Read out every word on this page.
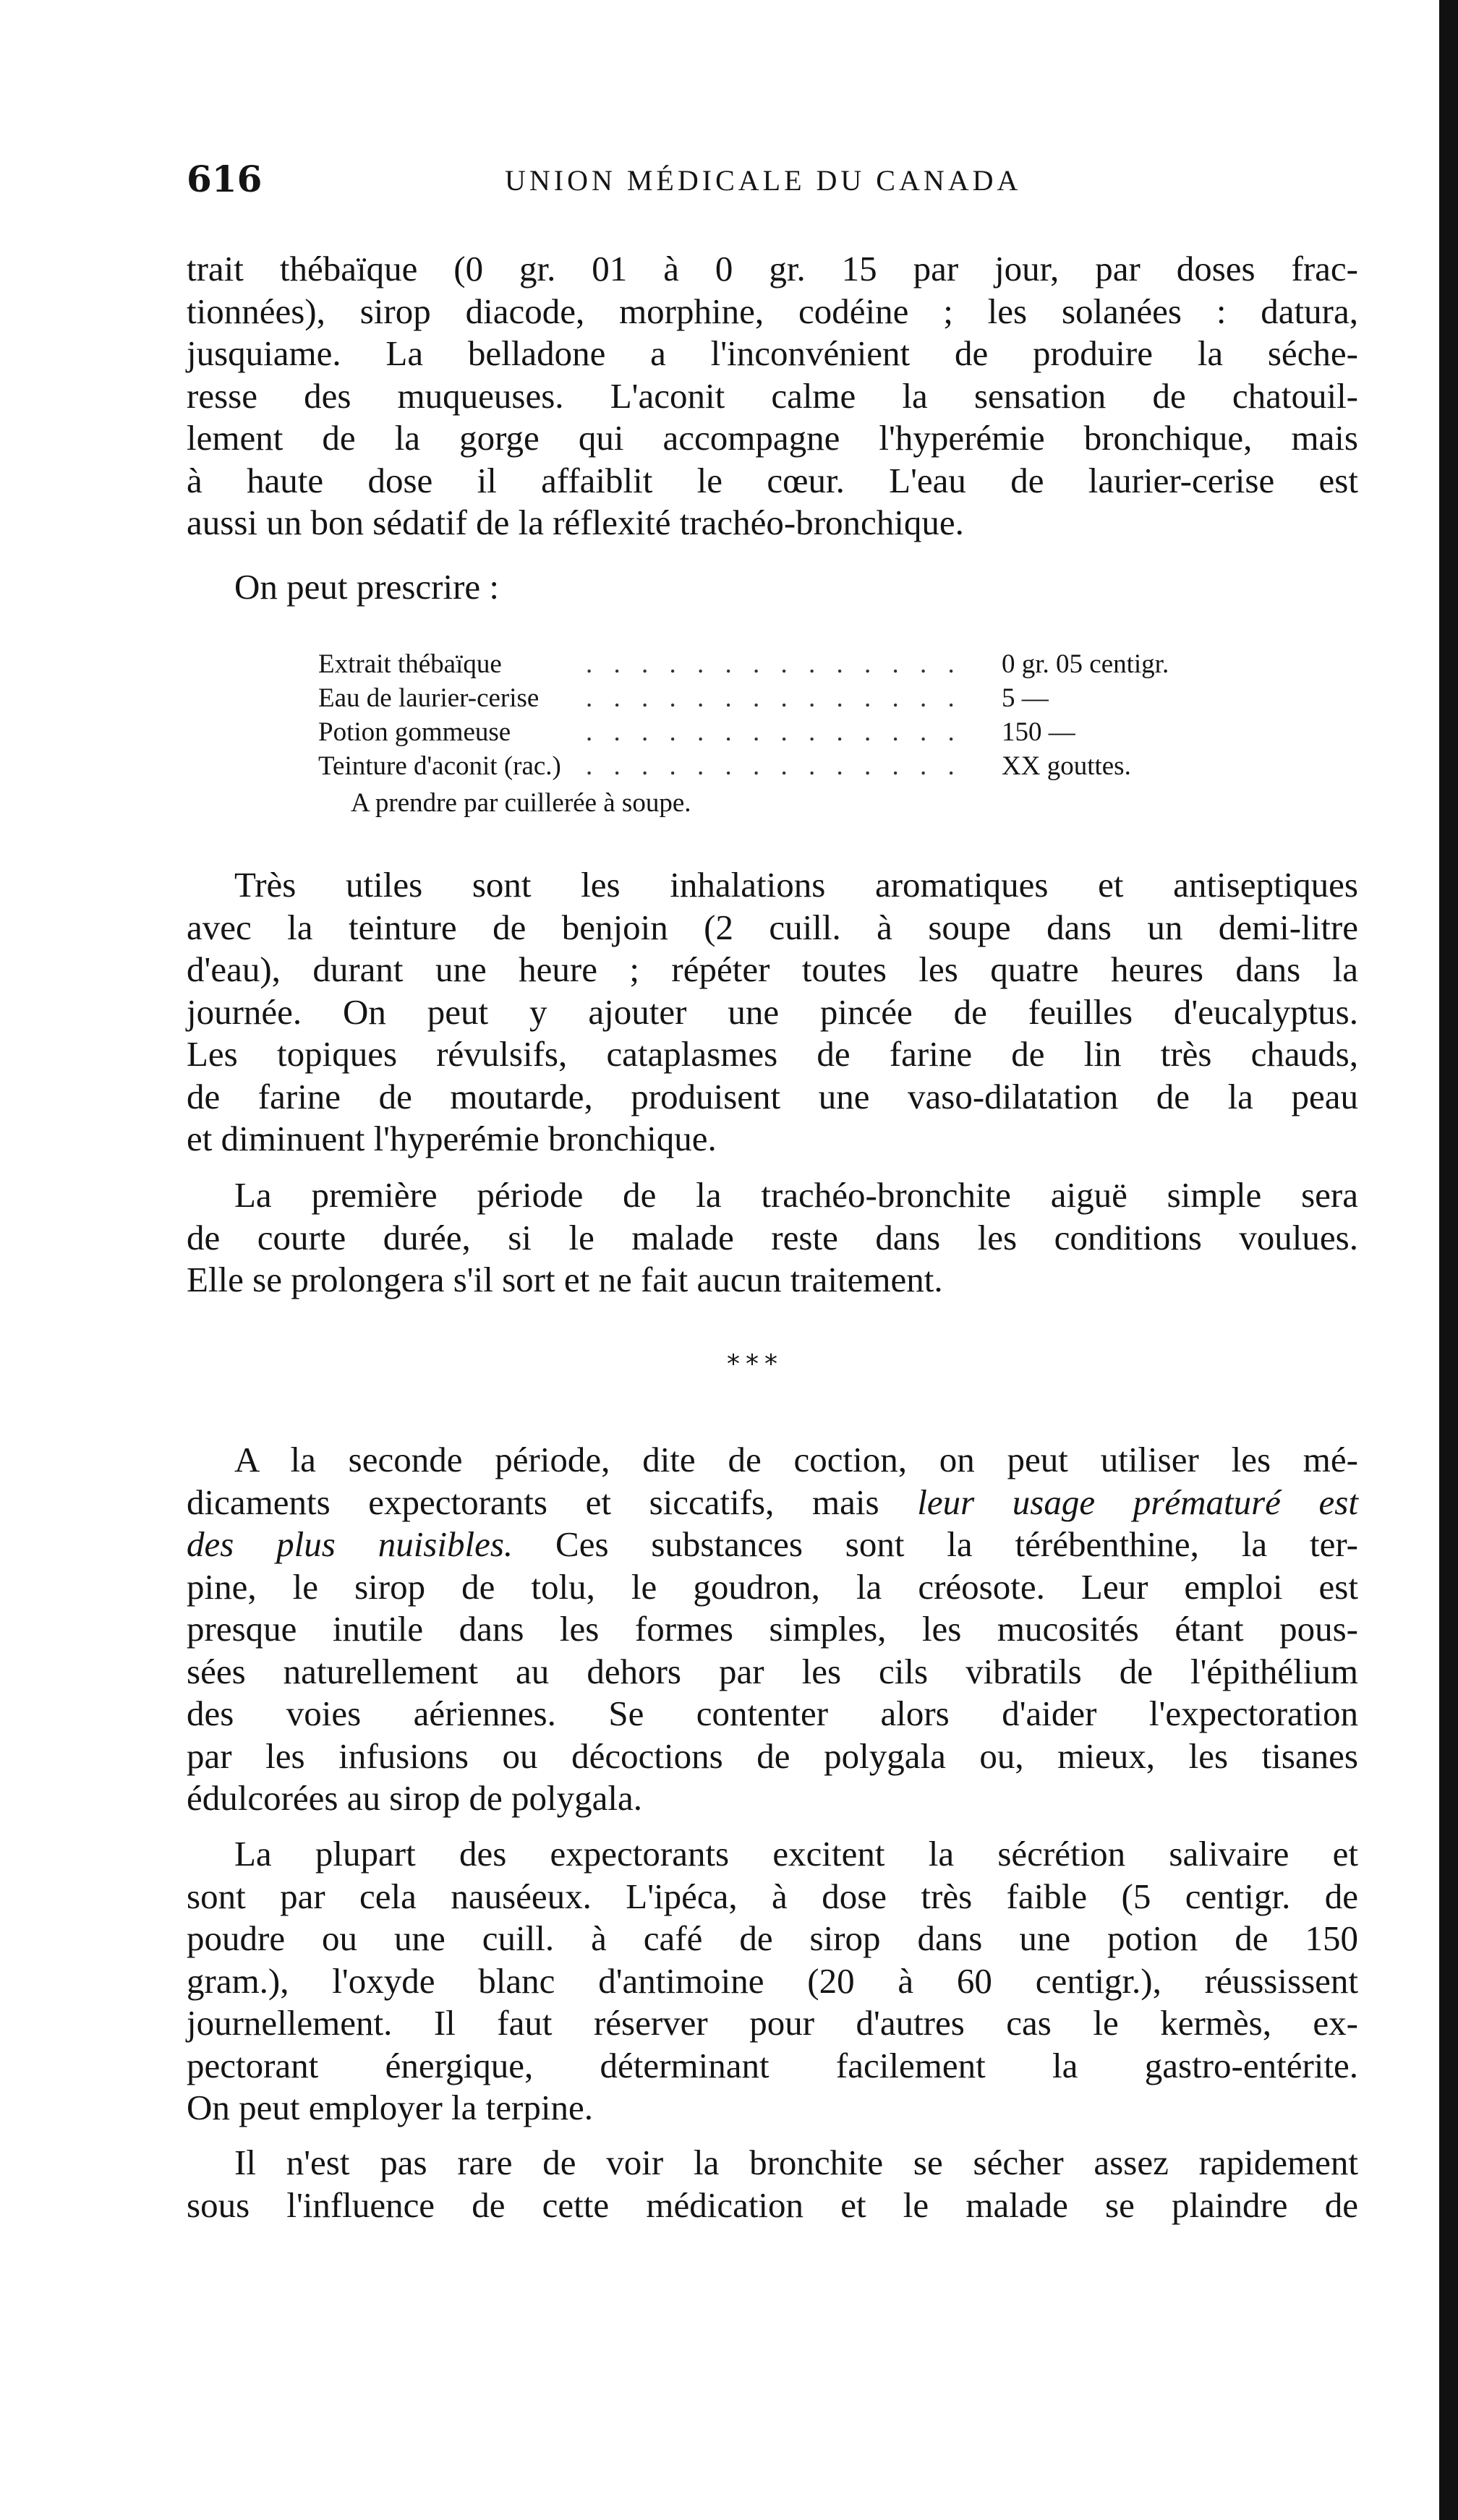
616	UNION MÉDICALE DU CANADA
trait thébaïque (0 gr. 01 à 0 gr. 15 par jour, par doses frac-
tionnées), sirop diacode, morphine, codéine ; les solanées : datura,
jusquiame. La belladone a l'inconvénient de produire la séche-
resse des muqueuses. L'aconit calme la sensation de chatouil-
lement de la gorge qui accompagne l'hyperémie bronchique, mais
à haute dose il affaiblit le cœur. L'eau de laurier-cerise est
aussi un bon sédatif de la réflexité trachéo-bronchique.
On peut prescrire :
Extrait thébaïque	. . . . . . . . . . . . . . 0 gr. 05 centigr.
Eau de laurier-cerise . . . . . . . . . . . . . . 5 —
Potion gommeuse	. . . . . . . . . . . . . . 150 —
Teinture d'aconit (rac.) . . . . . . . . . . . . . . XX gouttes.
A prendre par cuillerée à soupe.
Très utiles sont les inhalations aromatiques et antiseptiques
avec la teinture de benjoin (2 cuill. à soupe dans un demi-litre
d'eau), durant une heure ; répéter toutes les quatre heures dans la
journée. On peut y ajouter une pincée de feuilles d'eucalyptus.
Les topiques révulsifs, cataplasmes de farine de lin très chauds,
de farine de moutarde, produisent une vaso-dilatation de la peau
et diminuent l'hyperémie bronchique.
La première période de la trachéo-bronchite aiguë simple sera
de courte durée, si le malade reste dans les conditions voulues.
Elle se prolongera s'il sort et ne fait aucun traitement.
***
A la seconde période, dite de coction, on peut utiliser les mé-
dicaments expectorants et siccatifs, mais leur usage prématuré est
des plus nuisibles. Ces substances sont la térébenthine, la ter-
pine, le sirop de tolu, le goudron, la créosote. Leur emploi est
presque inutile dans les formes simples, les mucosités étant pous-
sées naturellement au dehors par les cils vibratils de l'épithélium
des voies aériennes. Se contenter alors d'aider l'expectoration
par les infusions ou décoctions de polygala ou, mieux, les tisanes
édulcorées au sirop de polygala.
La plupart des expectorants excitent la sécrétion salivaire et
sont par cela nauséeux. L'ipéca, à dose très faible (5 centigr. de
poudre ou une cuill. à café de sirop dans une potion de 150
gram.), l'oxyde blanc d'antimoine (20 à 60 centigr.), réussissent
journellement. Il faut réserver pour d'autres cas le kermès, ex-
pectorant énergique, déterminant facilement la gastro-entérite.
On peut employer la terpine.
Il n'est pas rare de voir la bronchite se sécher assez rapidement
sous l'influence de cette médication et le malade se plaindre de
